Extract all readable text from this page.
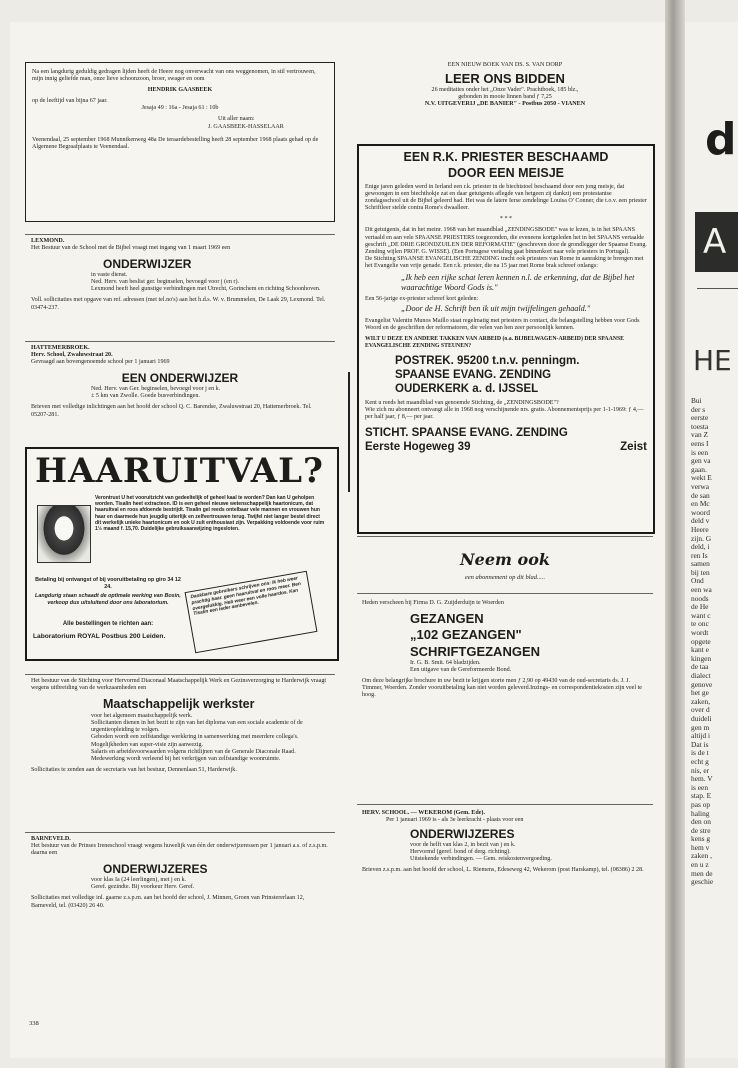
Na een langdurig geduldig gedragen lijden heeft de Heere nog onverwacht van ons weggenomen, in stil vertrouwen, mijn innig geliefde man, onze lieve schoonzoon, broer, swager en oom

HENDRIK GAASBEEK

op de leeftijd van bijna 67 jaar.

Jesaja 49 : 16a - Jesaja 61 : 10b

Uit aller naam:

J. GAASBEEK-HASSELAAR

Veenendaal, 25 september 1968 Munnikenweg 48a De teraardebestelling heeft 28 september 1968 plaats gehad op de Algemene Begraafplaats te Veenendaal.

LEXMOND.

Het Bestuur van de School met de Bijbel vraagt met ingang van 1 maart 1969 een

ONDERWIJZER

in vaste dienst.

Ned. Herv. van beslist ger. beginselen, bevoegd voor j (en r).

Lexmond heeft heel gunstige verbindingen met Utrecht, Gorinchem en richting Schoonhoven.

Voll. sollicitaties met opgave van ref. adressen (met tel.no's) aan het h.d.s. W. v. Brummelen, De Laak 29, Lexmond. Tel. 03474-237.

HATTEMERBROEK.

Herv. School, Zwaluwstraat 20.

Gevraagd aan bovengenoemde school per 1 januari 1969

EEN ONDERWIJZER

Ned. Herv. van Ger. beginselen, bevoegd voor j en k.

± 5 km van Zwolle. Goede busverbindingen.

Brieven met volledige inlichtingen aan het hoofd der school Q. C. Barendse, Zwaluwstraat 20, Hattemerbroek. Tel. 05207-281.

HAARUITVAL?
Verontrust U het vooruitzicht van gedeeltelijk of geheel kaal te worden? Dan kan U geholpen worden. Tisalin heet extracteon. ID is een geheel nieuwe wetenschappelijk haartonicum, dat haaruitval en roos afdoende bestrijdt. Tisalin gel reeds ontelbaar vele mannen en vrouwen hun haar en daarmede hun jeugdig uiterlijk en zelfvertrouwen terug. Twijfel niet langer bestel direct dit werkelijk unieke haartonicum en ook U zult enthousiast zijn. Verpakking voldoende voor ruim 1½ maand f. 15,70. Duidelijke gebruiksaanwijzing ingesloten.
Betaling bij ontvangst of bij vooruitbetaling op giro 34 12 24.
Langdurig staan schaadt de optimale werking van Bosin, verkoop dus uitsluitend door ons laboratorium.
Alle bestellingen te richten aan:
Laboratorium ROYAL Postbus 200 Leiden.
Dankbare gebruikers schrijven ons: Ik heb weer prachtig haar. geen haaruitval en roos meer. Ben overgelukkig. Heb weer een volle haardos. Kan Tisalin een ieder aanbevelen.

Het bestuur van de Stichting voor Hervormd Diaconaal Maatschappelijk Werk en Gezinsverzorging te Harderwijk vraagt wegens uitbreiding van de werkzaamheden een

Maatschappelijk werkster

voor het algemeen maatschappelijk werk.

Sollicitanten dienen in het bezit te zijn van het diploma van een sociale academie of de urgentieopleiding te volgen.

Geboden wordt een zelfstandige werkkring in samenwerking met meerdere collega's.

Mogelijkheden van super-visie zijn aanwezig.

Salaris en arbeidsvoorwaarden volgens richtlijnen van de Generale Diaconale Raad.

Medewerking wordt verleend bij het verkrijgen van zelfstandige woonruimte.

Sollicitaties te zenden aan de secretaris van het bestuur, Dennenlaan 51, Harderwijk.

BARNEVELD.

Het bestuur van de Prinses Ireneschool vraagt wegens huwelijk van één der onderwijzeressen per 1 januari a.s. of z.s.p.m. daarna een

ONDERWIJZERES

voor klas Ia (24 leerlingen), met j en k.

Geref. gezindte. Bij voorkeur Herv. Geref.

Sollicitaties met volledige inl. gaarne z.s.p.m. aan het hoofd der school, J. Minnen, Groen van Prinstererlaan 12, Barneveld, tel. (03420) 26 40.

338

EEN NIEUW BOEK VAN DS. S. VAN DORP

LEER ONS BIDDEN

26 meditaties onder het „Onze Vader". Prachtboek, 185 blz.,

gebonden in mooie linnen band ƒ 7,25

N.V. UITGEVERIJ „DE BANIER" - Postbus 2050 - VIANEN

EEN R.K. PRIESTER BESCHAAMD
DOOR EEN MEISJE

Enige jaren geleden werd in Ierland een r.k. priester in de biechtstoel beschaamd door een jong meisje, dat gewoongen in een biechthokje zat en daar getuigenis aflegde van hetgeen zij dankzij een protestantse zondagsschool uit de Bijbel geleerd had. Het was de latere Ierse zendelinge Louisa O' Conner, die t.o.v. een priester Schriftleer stelde contra Rome's dwaalleer.

* * *

Dit getuigenis, dat in het meinr. 1968 van het maandblad „ZENDINGSBODE" was te lezen, is in het SPAANS vertaald en aan vele SPAANSE PRIESTERS toegezonden, die eveneens kortgeleden het in het SPAANS vertaalde geschrift „DE DRIE GRONDZUILEN DER REFORMATIE" (geschreven door de grondlegger der Spaanse Evang. Zending wijlen PROF. G. WISSE). (Een Portugese vertaling gaat binnenkort naar vele priesters in Portugal).

De Stichting SPAANSE EVANGELISCHE ZENDING tracht ook priesters van Rome in aanraking te brengen met het Evangelie van vrije genade. Een r.k. priester, die na 15 jaar met Rome brak schreef onlangs:

„Ik heb een rijke schat leren kennen n.l. de erkenning, dat de Bijbel het waarachtige Woord Gods is."

Een 56-jarige ex-priester schreef kort geleden:

„Door de H. Schrift ben ik uit mijn twijfelingen gehaald."

Evangelist Valentin Munos Maillo staat regelmatig met priesters in contact, die belangstelling hebben voor Gods Woord en de geschriften der reformatoren, die velen van hen zeer persoonlijk kennen.

WILT U DEZE EN ANDERE TAKKEN VAN ARBEID (o.a. BIJBELWAGEN-ARBEID) DER SPAANSE EVANGELISCHE ZENDING STEUNEN?

POSTREK. 95200 t.n.v. penningm.
SPAANSE EVANG. ZENDING
OUDERKERK a. d. IJSSEL

Kent u reeds het maandblad van genoemde Stichting, de „ZENDINGSBODE"?

Wie zich nu abonneert ontvangt alle in 1968 nog verschijnende nrs. gratis. Abonnementsprijs per 1-1-1969: ƒ 4,— per half jaar, ƒ 8,— per jaar.

STICHT. SPAANSE EVANG. ZENDING
Eerste Hogeweg 39	Zeist
Neem ook
een abonnement op dit blad.....

Heden verscheen bij Firma D. G. Zuijderduijn te Woerden

GEZANGEN
„102 GEZANGEN"
SCHRIFTGEZANGEN

Ir. G. B. Smit. 64 bladzijden.

Een uitgave van de Gereformeerde Bond.

Om deze belangrijke brochure in uw bezit te krijgen storte men ƒ 2,90 op 49430 van de oud-secretaris ds. J. J. Timmer, Woerden. Zonder vooruitbetaling kan niet worden geleverd.Inzings- en correspondentiekosten zijn veel te hoog.

HERV. SCHOOL. — WEKEROM (Gem. Ede).

Per 1 januari 1969 is - als 3e leerkracht - plaats voor een

ONDERWIJZERES

voor de helft van klas 2, in bezit van j en k.

Hervormd (geref. bond of derg. richting).

Uitstekende verbindingen. — Gem. reiskostenvergoeding.

Brieven z.s.p.m. aan het hoofd der school, L. Riemens, Edeseweg 42, Wekerom (post Harskamp), tel. (08386) 2 28.

d
A
HE
Bui
der s
eerste
toesta
van Z
eens I
is een
gen va
gaan.
wekt E
verwa
de san
en Mc
woord
deld v
Heere
zijn. G
deld, i
ren Is
samen
bij ten
Ond
een wa
noods
de He
want c
te onc
wordt
opgete
kant e
kingen
de taa
dialect
genove
het ge
zaken,
over d
duideli
gen m
altijd i
Dat is
is de t
echt g
nis, er
hem. V
is een
stap. E
pas op
haling
den on
de stre
kens g
hem v
zaken ,
en u z
men de
geschie
